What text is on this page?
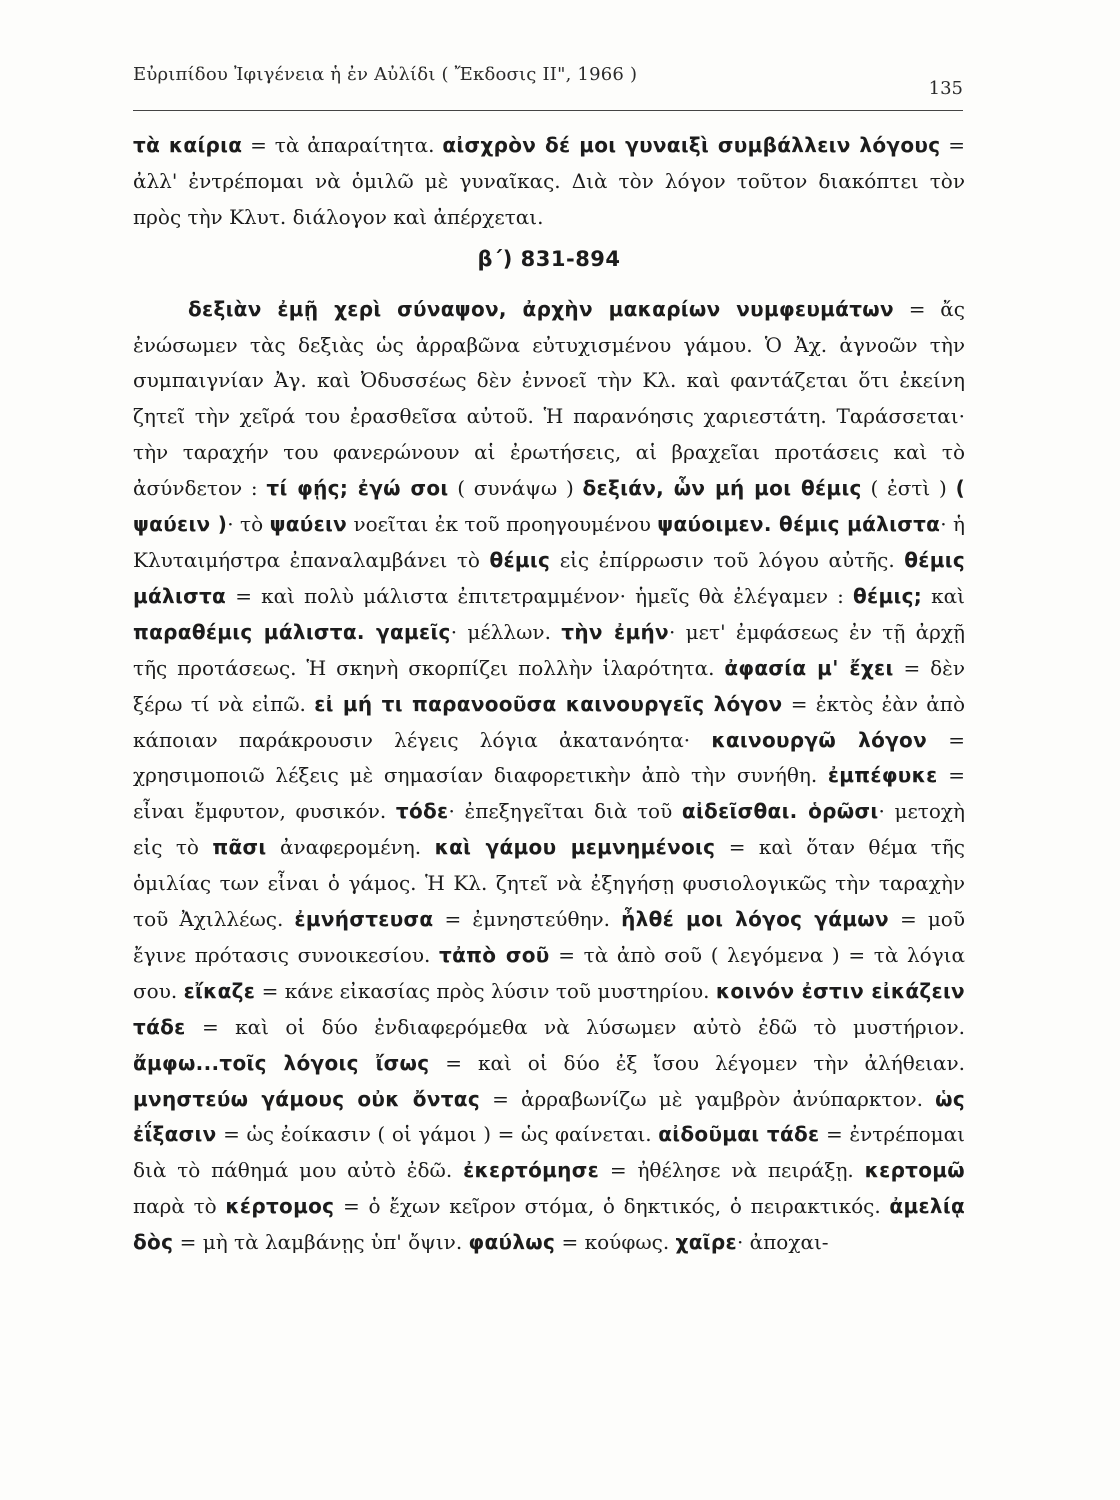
Εὐριπίδου Ἰφιγένεια ἡ ἐν Αὐλίδι ( Ἔκδοσις ΙΙ", 1966 )
135

τὰ καίρια = τὰ ἀπαραίτητα. αἰσχρὸν δέ μοι γυναιξὶ συμβάλλειν λόγους = ἀλλ' ἐντρέπομαι νὰ ὁμιλῶ μὲ γυναῖκας. Διὰ τὸν λόγον τοῦτον διακόπτει τὸν πρὸς τὴν Κλυτ. διάλογον καὶ ἀπέρχεται.

β΄) 831-894

δεξιὰν ἐμῇ χερὶ σύναψον, ἀρχὴν μακαρίων νυμφευμάτων = ἄς ἐνώσωμεν τὰς δεξιὰς ὡς ἀρραβῶνα εὐτυχισμένου γάμου. Ὁ Ἀχ. ἀγνοῶν τὴν συμπαιγνίαν Ἀγ. καὶ Ὀδυσσέως δὲν ἐννοεῖ τὴν Κλ. καὶ φαντάζεται ὅτι ἐκείνη ζητεῖ τὴν χεῖρά του ἐρασθεῖσα αὐτοῦ. Ἡ παρανόησις χαριεστάτη. Ταράσσεται· τὴν ταραχήν του φανερώνουν αἱ ἐρωτήσεις, αἱ βραχεῖαι προτάσεις καὶ τὸ ἀσύνδετον : τί φῄς; ἐγώ σοι ( συνάψω ) δεξιάν, ὧν μή μοι θέμις ( ἐστὶ ) ( ψαύειν )· τὸ ψαύειν νοεῖται ἐκ τοῦ προηγουμένου ψαύοιμεν. θέμις μάλιστα· ἡ Κλυταιμήστρα ἐπαναλαμβάνει τὸ θέμις εἰς ἐπίρρωσιν τοῦ λόγου αὐτῆς. θέμις μάλιστα = καὶ πολὺ μάλιστα ἐπιτετραμμένον· ἡμεῖς θὰ ἐλέγαμεν : θέμις; καὶ παραθέμις μάλιστα. γαμεῖς· μέλλων. τὴν ἐμήν· μετ' ἐμφάσεως ἐν τῇ ἀρχῇ τῆς προτάσεως. Ἡ σκηνὴ σκορπίζει πολλὴν ἱλαρότητα. ἀφασία μ' ἔχει = δὲν ξέρω τί νὰ εἰπῶ. εἰ μή τι παρανοοῦσα καινουργεῖς λόγον = ἐκτὸς ἐὰν ἀπὸ κάποιαν παράκρουσιν λέγεις λόγια ἀκατανόητα· καινουργῶ λόγον = χρησιμοποιῶ λέξεις μὲ σημασίαν διαφορετικὴν ἀπὸ τὴν συνήθη. ἐμπέφυκε = εἶναι ἔμφυτον, φυσικόν. τόδε· ἐπεξηγεῖται διὰ τοῦ αἰδεῖσθαι. ὁρῶσι· μετοχὴ εἰς τὸ πᾶσι ἀναφερομένη. καὶ γάμου μεμνημένοις = καὶ ὅταν θέμα τῆς ὁμιλίας των εἶναι ὁ γάμος. Ἡ Κλ. ζητεῖ νὰ ἐξηγήσῃ φυσιολογικῶς τὴν ταραχὴν τοῦ Ἀχιλλέως. ἐμνήστευσα = ἐμνηστεύθην. ἦλθέ μοι λόγος γάμων = μοῦ ἔγινε πρότασις συνοικεσίου. τἀπὸ σοῦ = τὰ ἀπὸ σοῦ ( λεγόμενα ) = τὰ λόγια σου. εἴκαζε = κάνε εἰκασίας πρὸς λύσιν τοῦ μυστηρίου. κοινόν ἐστιν εἰκάζειν τάδε = καὶ οἱ δύο ἐνδιαφερόμεθα νὰ λύσωμεν αὐτὸ ἐδῶ τὸ μυστήριον. ἄμφω...τοῖς λόγοις ἴσως = καὶ οἱ δύο ἐξ ἴσου λέγομεν τὴν ἀλήθειαν. μνηστεύω γάμους οὐκ ὄντας = ἀρραβωνίζω μὲ γαμβρὸν ἀνύπαρκτον. ὡς ἐΐξασιν = ὡς ἐοίκασιν ( οἱ γάμοι ) = ὡς φαίνεται. αἰδοῦμαι τάδε = ἐντρέπομαι διὰ τὸ πάθημά μου αὐτὸ ἐδῶ. ἐκερτόμησε = ἠθέλησε νὰ πειράξῃ. κερτομῶ παρὰ τὸ κέρτομος = ὁ ἔχων κεῖρον στόμα, ὁ δηκτικός, ὁ πειρακτικός. ἀμελίᾳ δὸς = μὴ τὰ λαμβάνῃς ὑπ' ὄψιν. φαύλως = κούφως. χαῖρε· ἀποχαι-
